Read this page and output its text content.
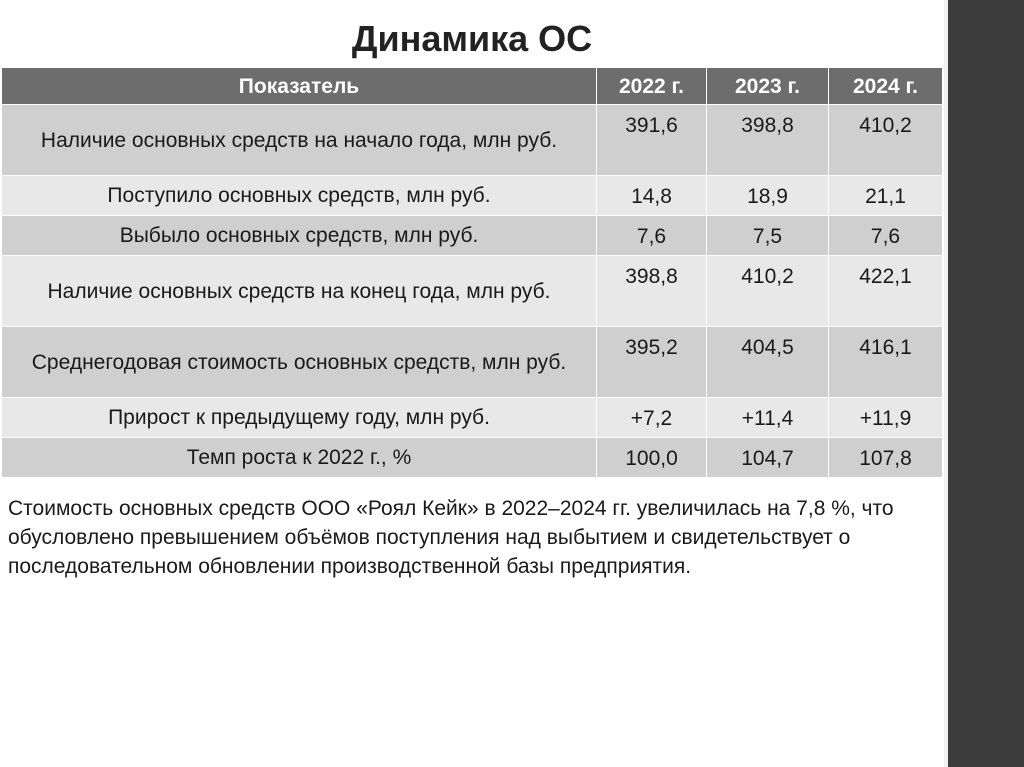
Динамика ОС
Показатель	2022 г.	2023 г.	2024 г.
Наличие основных средств на начало года, млн руб.	391,6	398,8	410,2
Поступило основных средств, млн руб.	14,8	18,9	21,1
Выбыло основных средств, млн руб.	7,6	7,5	7,6
Наличие основных средств на конец года, млн руб.	398,8	410,2	422,1
Среднегодовая стоимость основных средств, млн руб.	395,2	404,5	416,1
Прирост к предыдущему году, млн руб.	+7,2	+11,4	+11,9
Темп роста к 2022 г., %	100,0	104,7	107,8
Стоимость основных средств ООО «Роял Кейк» в 2022–2024 гг. увеличилась на 7,8 %, что обусловлено превышением объёмов поступления над выбытием и свидетельствует о последовательном обновлении производственной базы предприятия.
